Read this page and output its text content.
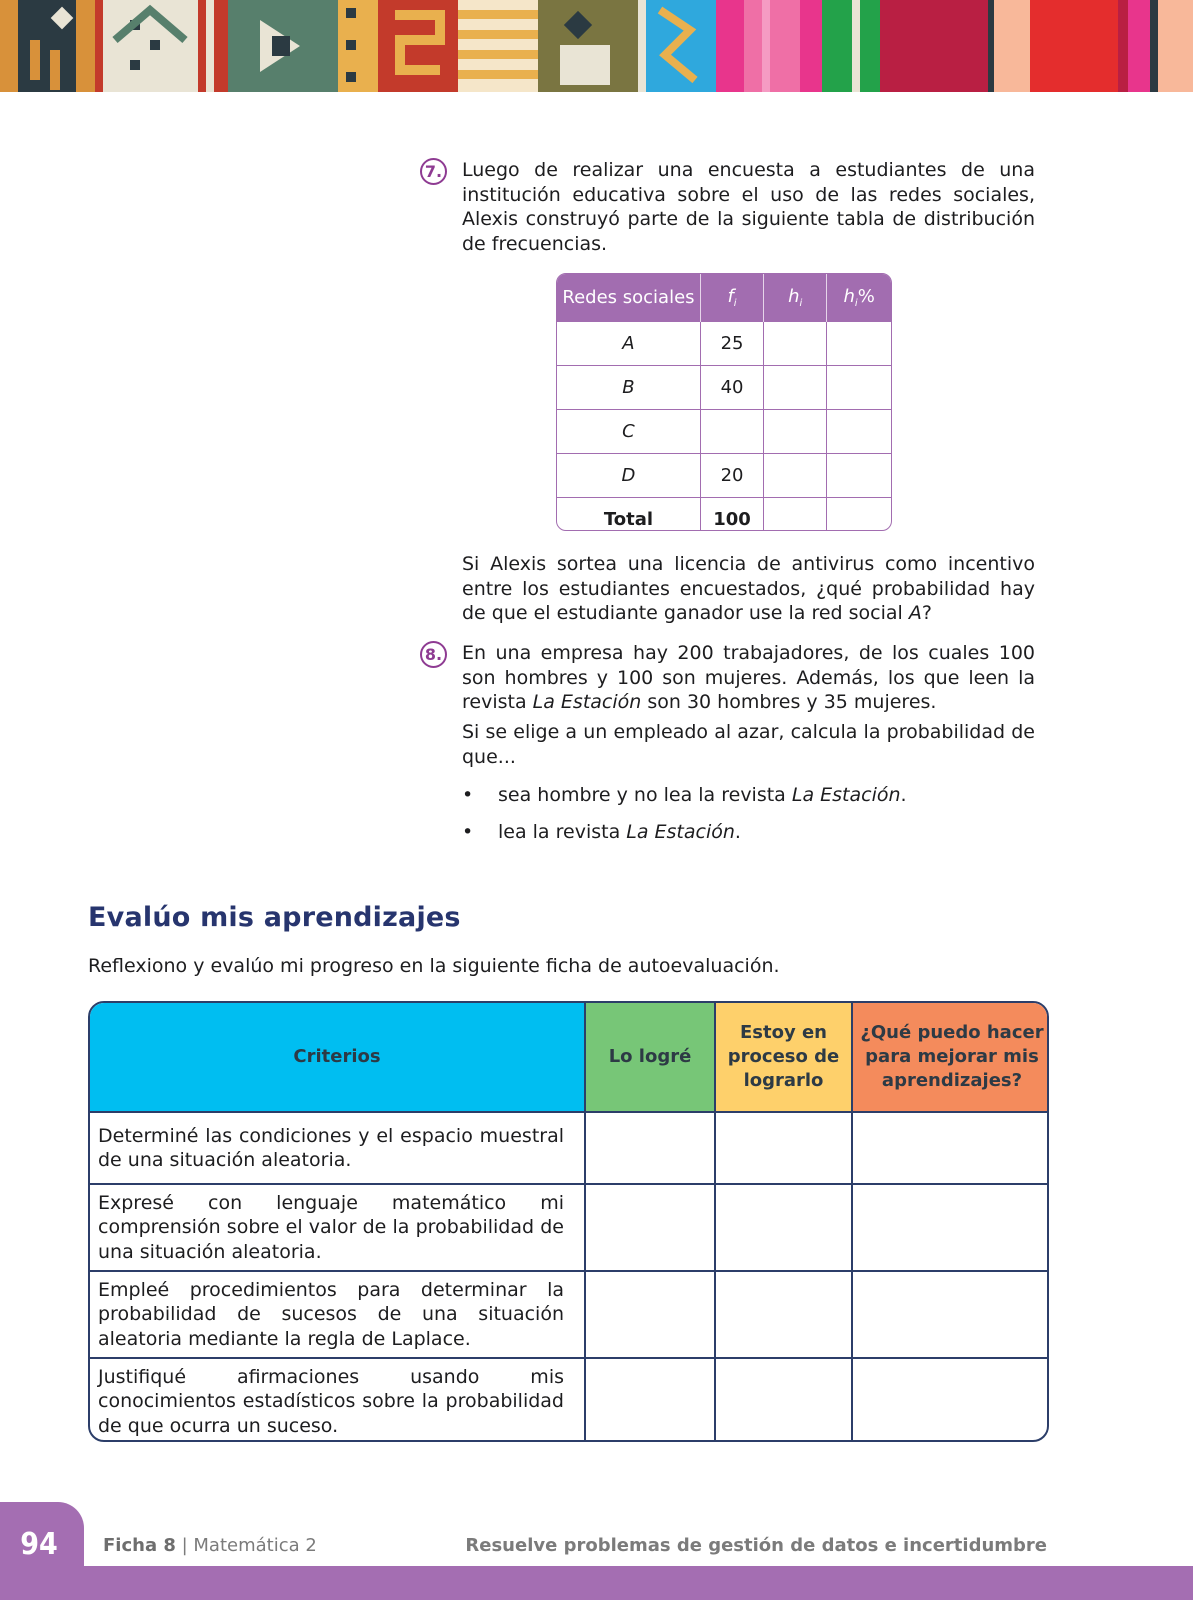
7. Luego de realizar una encuesta a estudiantes de una institución educativa sobre el uso de las redes sociales, Alexis construyó parte de la siguiente tabla de distribución de frecuencias.

Redes sociales	$f_i$	$h_i$	$h_i\%$
A	25		
B	40		
C			
D	20		
Total	100		

Si Alexis sortea una licencia de antivirus como incentivo entre los estudiantes encuestados, ¿qué probabilidad hay de que el estudiante ganador use la red social A?

8. En una empresa hay 200 trabajadores, de los cuales 100 son hombres y 100 son mujeres. Además, los que leen la revista La Estación son 30 hombres y 35 mujeres.

Si se elige a un empleado al azar, calcula la probabilidad de que...

• sea hombre y no lea la revista La Estación.
• lea la revista La Estación.
Evalúo mis aprendizajes
Reflexiono y evalúo mi progreso en la siguiente ficha de autoevaluación.
Criterios	Lo logré	Estoy en proceso de lograrlo	¿Qué puedo hacer para mejorar mis aprendizajes?
Determiné las condiciones y el espacio muestral de una situación aleatoria.			
Expresé con lenguaje matemático mi comprensión sobre el valor de la probabilidad de una situación aleatoria.			
Empleé procedimientos para determinar la probabilidad de sucesos de una situación aleatoria mediante la regla de Laplace.			
Justifiqué afirmaciones usando mis conocimientos estadísticos sobre la probabilidad de que ocurra un suceso.			
94	Ficha 8 | Matemática 2	Resuelve problemas de gestión de datos e incertidumbre
